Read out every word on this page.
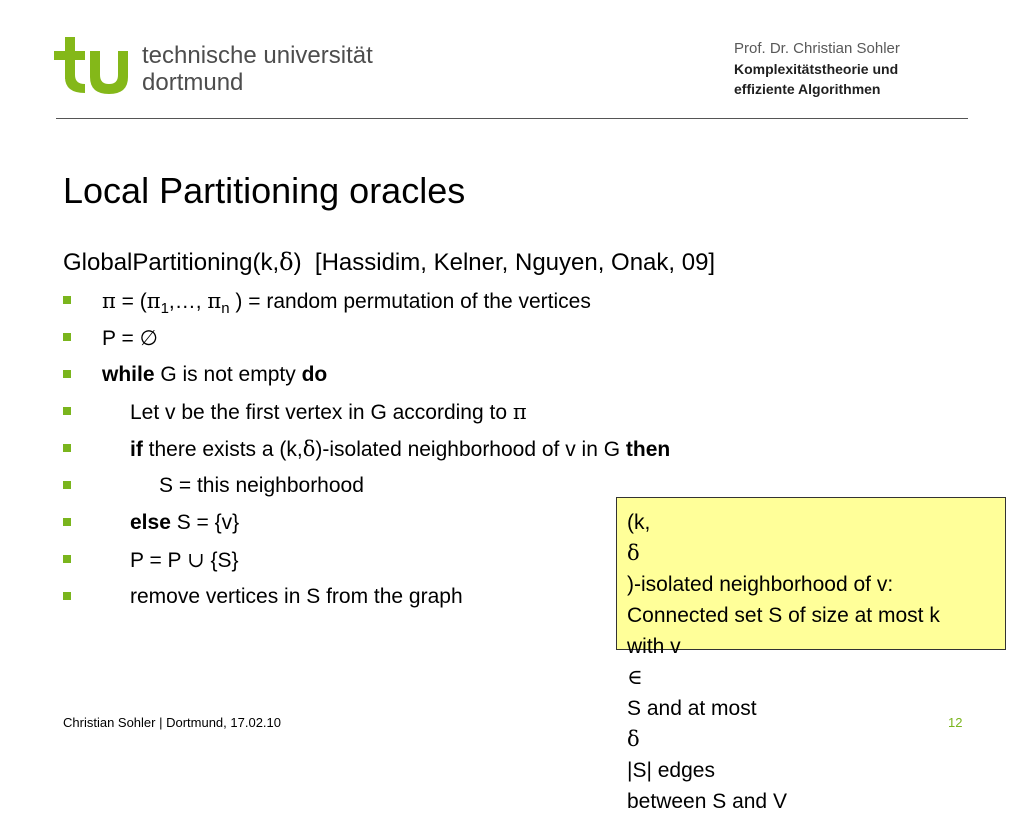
technische universität
dortmund
Prof. Dr. Christian Sohler
Komplexitätstheorie und
effiziente Algorithmen
Local Partitioning oracles
GlobalPartitioning(k,δ) [Hassidim, Kelner, Nguyen, Onak, 09]
$\pi = (\pi_1,\dots$, $\pi_n$ ) = random permutation of the vertices
P = ∅
while G is not empty do
Let v be the first vertex in G according to π
if there exists a (k,δ)-isolated neighborhood of v in G then
S = this neighborhood
else S = {v}
P = P ∪ {S}
remove vertices in S from the graph
(k,
δ
)-isolated neighborhood of v:
Connected set S of size at most k
with v
∈
S and at most
δ
|S| edges
between S and V
Christian Sohler | Dortmund, 17.02.10	12
